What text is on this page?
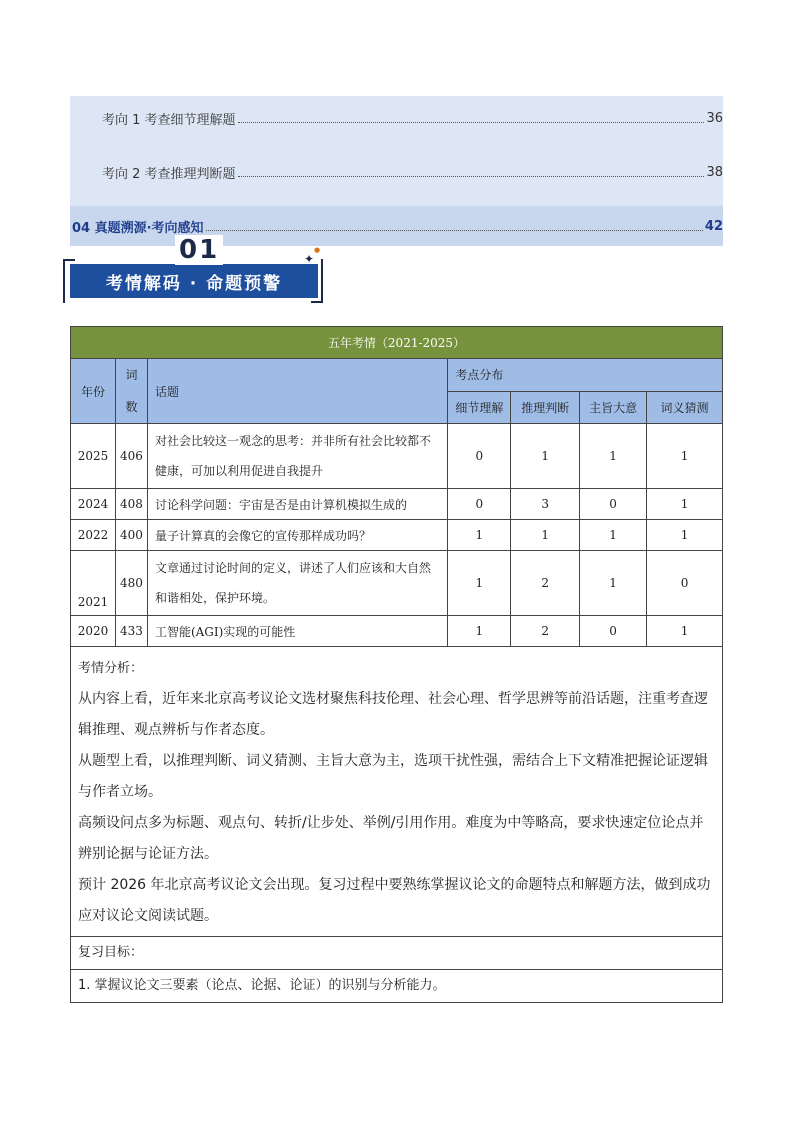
考向 1 考查细节理解题	36
考向 2 考查推理判断题	38
04 真题溯源·考向感知	42
考情解码 · 命题预警
01	✦
●
五年考情（2021-2025）						
年份	词数	话题	考点分布			
			细节理解	推理判断	主旨大意	词义猜测
2025	406	对社会比较这一观念的思考：并非所有社会比较都不健康，可加以利用促进自我提升	0	1	1	1
2024	408	讨论科学问题：宇宙是否是由计算机模拟生成的	0	3	0	1
2022	400	量子计算真的会像它的宣传那样成功吗？	1	1	1	1
2021	480	文章通过讨论时间的定义，讲述了人们应该和大自然和谐相处，保护环境。	1	2	1	0
2020	433	工智能(AGI)实现的可能性	1	2	0	1

考情分析：

从内容上看，近年来北京高考议论文选材聚焦科技伦理、社会心理、哲学思辨等前沿话题，注重考查逻辑推理、观点辨析与作者态度。

从题型上看，以推理判断、词义猜测、主旨大意为主，选项干扰性强，需结合上下文精准把握论证逻辑与作者立场。

高频设问点多为标题、观点句、转折/让步处、举例/引用作用。难度为中等略高，要求快速定位论点并辨别论据与论证方法。

预计 2026 年北京高考议论文会出现。复习过程中要熟练掌握议论文的命题特点和解题方法，做到成功应对议论文阅读试题。						

复习目标：						
1. 掌握议论文三要素（论点、论据、论证）的识别与分析能力。						
